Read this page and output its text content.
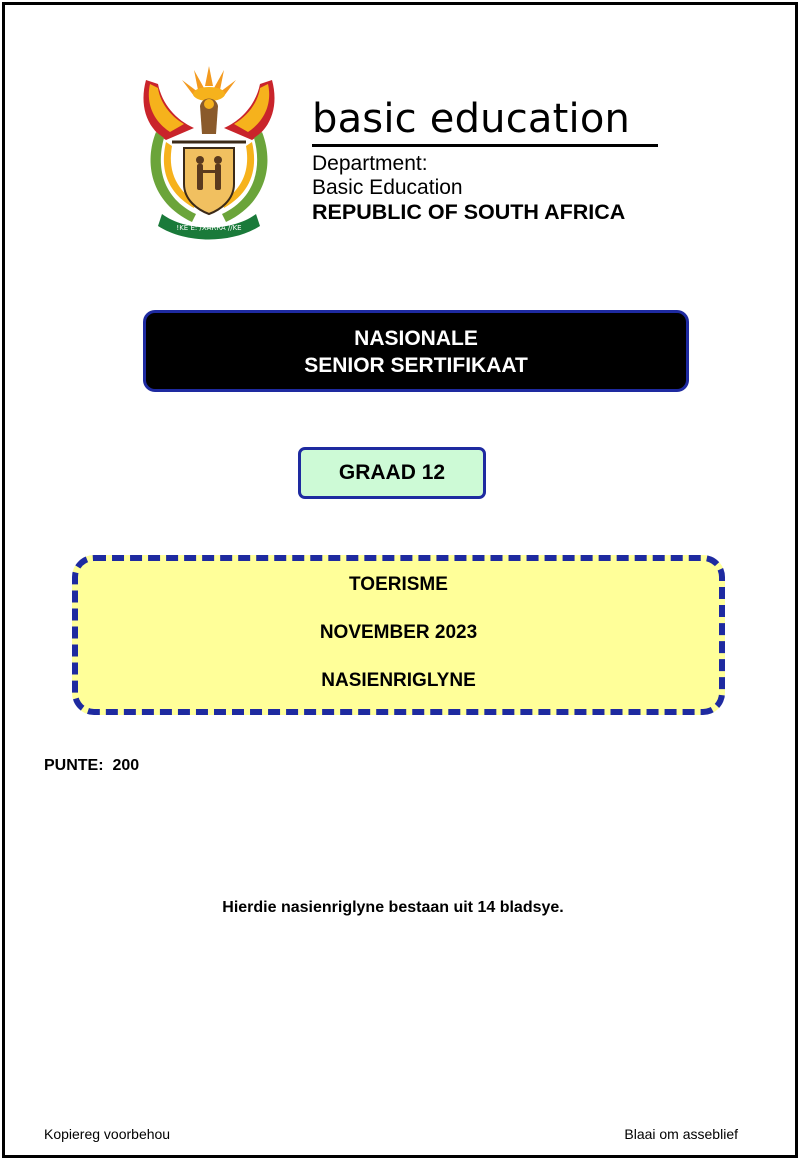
!KE E: /XARRA //KE
basic education
Department:
Basic Education
REPUBLIC OF SOUTH AFRICA
NASIONALE
SENIOR SERTIFIKAAT
GRAAD 12
TOERISME
NOVEMBER 2023
NASIENRIGLYNE
PUNTE: 200
Hierdie nasienriglyne bestaan uit 14 bladsye.
Kopiereg voorbehou	Blaai om asseblief
